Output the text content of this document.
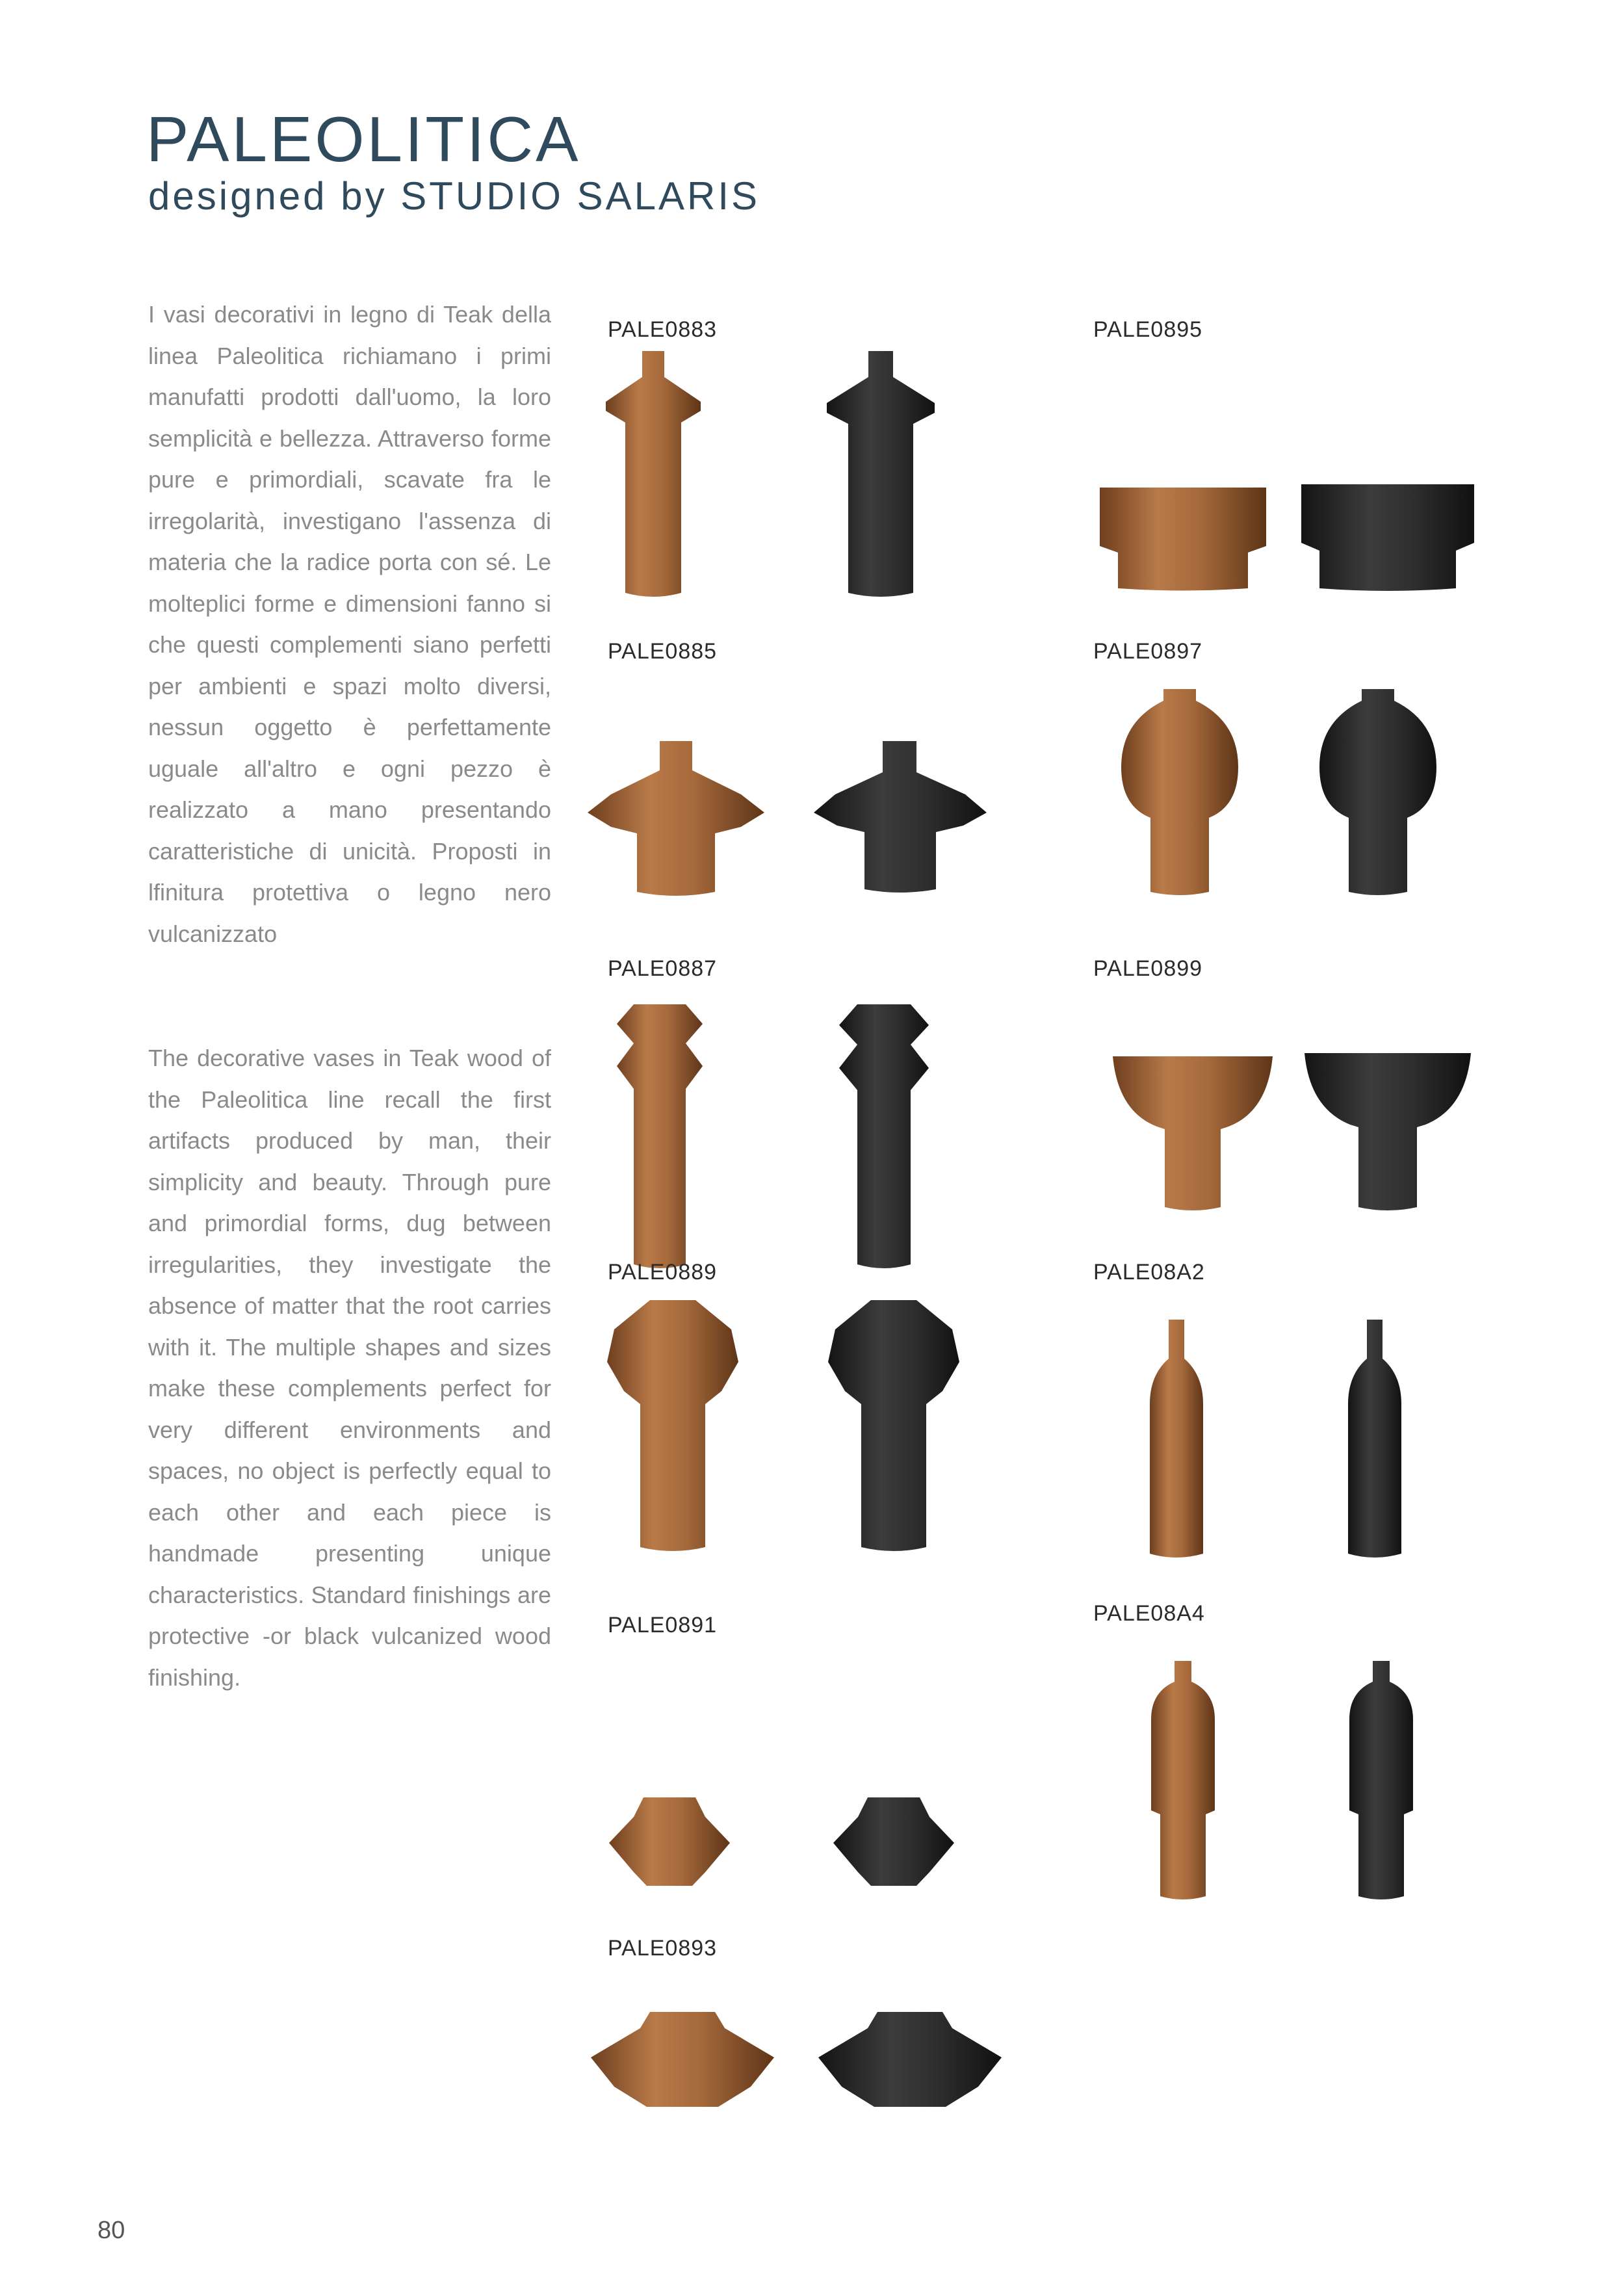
PALEOLITICA
designed by STUDIO SALARIS

I vasi decorativi in legno di Teak della linea Paleolitica richiamano i primi manufatti prodotti dall'uomo, la loro semplicità e bellezza. Attraverso forme pure e primordiali, scavate fra le irregolarità, investigano l'assenza di materia che la radice porta con sé. Le molteplici forme e dimensioni fanno si che questi complementi siano perfetti per ambienti e spazi molto diversi, nessun oggetto è perfettamente uguale all'altro e ogni pezzo è realizzato a mano presentando caratteristiche di unicità. Proposti in lfinitura protettiva o legno nero vulcanizzato

The decorative vases in Teak wood of the Paleolitica line recall the first artifacts produced by man, their simplicity and beauty. Through pure and primordial forms, dug between irregularities, they investigate the absence of matter that the root carries with it. The multiple shapes and sizes make these complements perfect for very different environments and spaces, no object is perfectly equal to each other and each piece is handmade presenting unique characteristics. Standard finishings are protective -or black vulcanized wood finishing.

PALE0883
PALE0885
PALE0887
PALE0889
PALE0891
PALE0893
PALE0895
PALE0897
PALE0899
PALE08A2
PALE08A4
80
